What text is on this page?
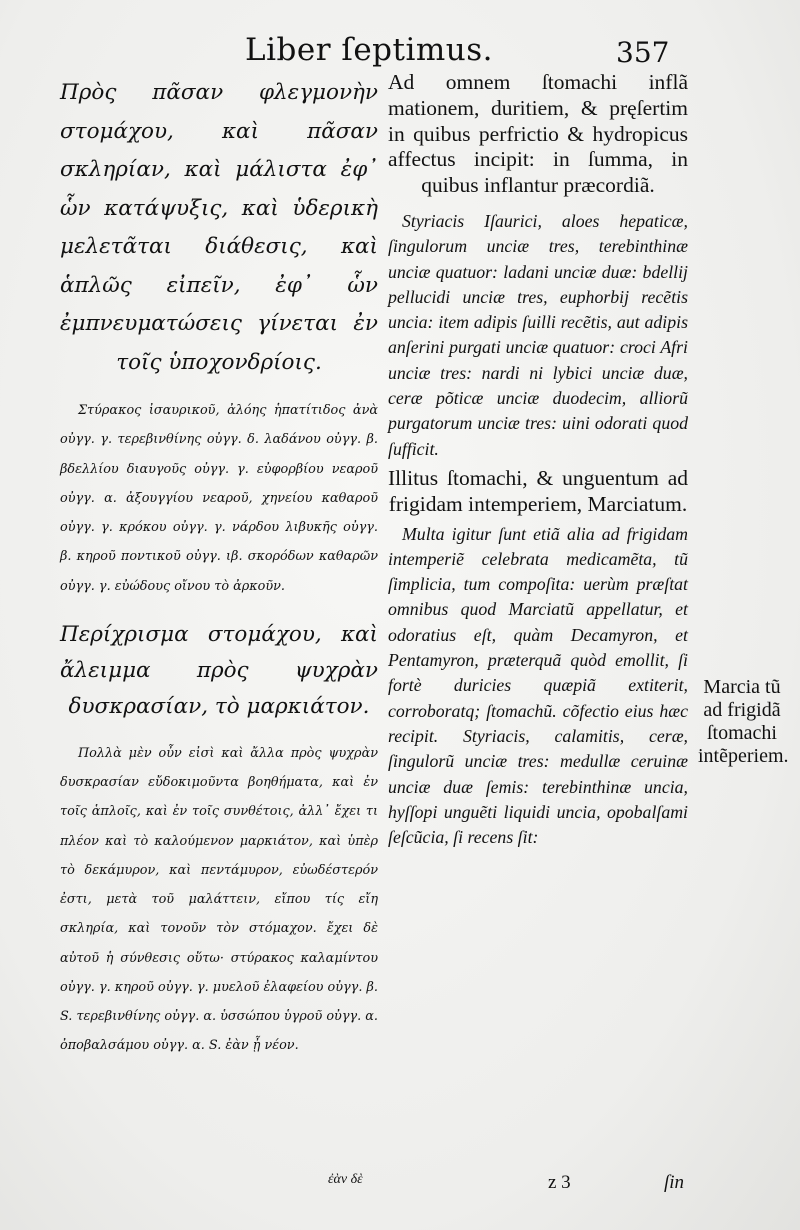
Liber ſeptimus.	357

Πρὸς πᾶσαν φλεγμονὴν στομάχου, καὶ πᾶσαν σκληρίαν, καὶ μάλιστα ἐφ᾽ ὧν κατάψυξις, καὶ ὑδερικὴ μελετᾶται διάθεσις, καὶ ἁπλῶς εἰπεῖν, ἐφ᾽ ὧν ἐμπνευματώσεις γίνεται ἐν τοῖς ὑποχονδρίοις.

Στύρακος ἰσαυρικοῦ, ἀλόης ἡπατίτιδος ἀνὰ οὐγγ. γ. τερεβινθίνης οὐγγ. δ. λαδάνου οὐγγ. β. βδελλίου διαυγοῦς οὐγγ. γ. εὐφορβίου νεαροῦ οὐγγ. α. ἀξουγγίου νεαροῦ, χηνείου καθαροῦ οὐγγ. γ. κρόκου οὐγγ. γ. νάρδου λιβυκῆς οὐγγ. β. κηροῦ ποντικοῦ οὐγγ. ιβ. σκορόδων καθαρῶν οὐγγ. γ. εὐώδους οἴνου τὸ ἀρκοῦν.

Περίχρισμα στομάχου, καὶ ἄλειμμα πρὸς ψυχρὰν δυσκρασίαν, τὸ μαρκιάτον.

Πολλὰ μὲν οὖν εἰσὶ καὶ ἄλλα πρὸς ψυχρὰν δυσκρασίαν εὔδοκιμοῦντα βοηθήματα, καὶ ἐν τοῖς ἁπλοῖς, καὶ ἐν τοῖς συνθέτοις, ἀλλ᾽ ἔχει τι πλέον καὶ τὸ καλούμενον μαρκιάτον, καὶ ὑπὲρ τὸ δεκάμυρον, καὶ πεντάμυρον, εὐωδέστερόν ἐστι, μετὰ τοῦ μαλάττειν, εἴπου τίς εἴη σκληρία, καὶ τονοῦν τὸν στόμαχον. ἔχει δὲ αὐτοῦ ἡ σύνθεσις οὕτω· στύρακος καλαμίντου οὐγγ. γ. κηροῦ οὐγγ. γ. μυελοῦ ἐλαφείου οὐγγ. β. S. τερεβινθίνης οὐγγ. α. ὑσσώπου ὑγροῦ οὐγγ. α. ὀποβαλσάμου οὐγγ. α. S. ἐὰν ᾖ νέον.

Ad omnem ſtomachi inflã mationem, duritiem, & pręſertim in quibus perfrictio & hydropicus affectus incipit: in ſumma, in quibus inflantur præcordiã.

Styriacis Iſaurici, aloes hepaticæ, ſingulorum unciæ tres, terebinthinæ unciæ quatuor: ladani unciæ duæ: bdellij pellucidi unciæ tres, euphorbij recẽtis uncia: item adipis ſuilli recẽtis, aut adipis anſerini purgati unciæ quatuor: croci Afri unciæ tres: nardi ni lybici unciæ duæ, ceræ põticæ unciæ duodecim, alliorũ purgatorum unciæ tres: uini odorati quod ſufficit.

Illitus ſtomachi, & unguentum ad frigidam intemperiem, Marciatum.

Multa igitur ſunt etiã alia ad frigidam intemperiẽ celebrata medicamẽta, tũ ſimplicia, tum compoſita: uerùm præſtat omnibus quod Marciatũ appellatur, et odoratius eſt, quàm Decamyron, et Pentamyron, præterquã quòd emollit, ſi fortè duricies quæpiã extiterit, corroboratq; ſtomachũ. cõfectio eius hæc recipit. Styriacis, calamitis, ceræ, ſingulorũ unciæ tres: medullæ ceruinæ unciæ duæ ſemis: terebinthinæ uncia, hyſſopi unguẽti liquidi uncia, opobalſami ſeſcũcia, ſi recens ſit:

Marcia tũ ad frigidã ſtomachi intẽperiem.
ἐὰν δὲ	z 3	ſin
